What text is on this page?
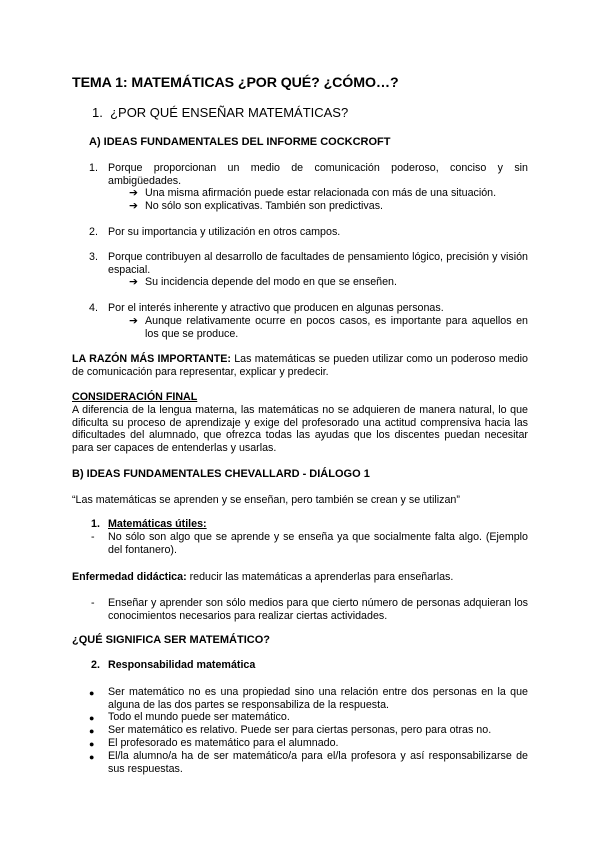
TEMA 1: MATEMÁTICAS ¿POR QUÉ? ¿CÓMO…?
1. ¿POR QUÉ ENSEÑAR MATEMÁTICAS?
A) IDEAS FUNDAMENTALES DEL INFORME COCKCROFT
1. Porque proporcionan un medio de comunicación poderoso, conciso y sin ambigüedades.
➔ Una misma afirmación puede estar relacionada con más de una situación.
➔ No sólo son explicativas. También son predictivas.
2. Por su importancia y utilización en otros campos.
3. Porque contribuyen al desarrollo de facultades de pensamiento lógico, precisión y visión espacial.
➔ Su incidencia depende del modo en que se enseñen.
4. Por el interés inherente y atractivo que producen en algunas personas.
➔ Aunque relativamente ocurre en pocos casos, es importante para aquellos en los que se produce.
LA RAZÓN MÁS IMPORTANTE: Las matemáticas se pueden utilizar como un poderoso medio de comunicación para representar, explicar y predecir.
CONSIDERACIÓN FINAL
A diferencia de la lengua materna, las matemáticas no se adquieren de manera natural, lo que dificulta su proceso de aprendizaje y exige del profesorado una actitud comprensiva hacia las dificultades del alumnado, que ofrezca todas las ayudas que los discentes puedan necesitar para ser capaces de entenderlas y usarlas.
B) IDEAS FUNDAMENTALES CHEVALLARD - DIÁLOGO 1
“Las matemáticas se aprenden y se enseñan, pero también se crean y se utilizan”
1. Matemáticas útiles:
- No sólo son algo que se aprende y se enseña ya que socialmente falta algo. (Ejemplo del fontanero).
Enfermedad didáctica: reducir las matemáticas a aprenderlas para enseñarlas.
- Enseñar y aprender son sólo medios para que cierto número de personas adquieran los conocimientos necesarios para realizar ciertas actividades.
¿QUÉ SIGNIFICA SER MATEMÁTICO?
2. Responsabilidad matemática
● Ser matemático no es una propiedad sino una relación entre dos personas en la que alguna de las dos partes se responsabiliza de la respuesta.
● Todo el mundo puede ser matemático.
● Ser matemático es relativo. Puede ser para ciertas personas, pero para otras no.
● El profesorado es matemático para el alumnado.
● El/la alumno/a ha de ser matemático/a para el/la profesora y así responsabilizarse de sus respuestas.
